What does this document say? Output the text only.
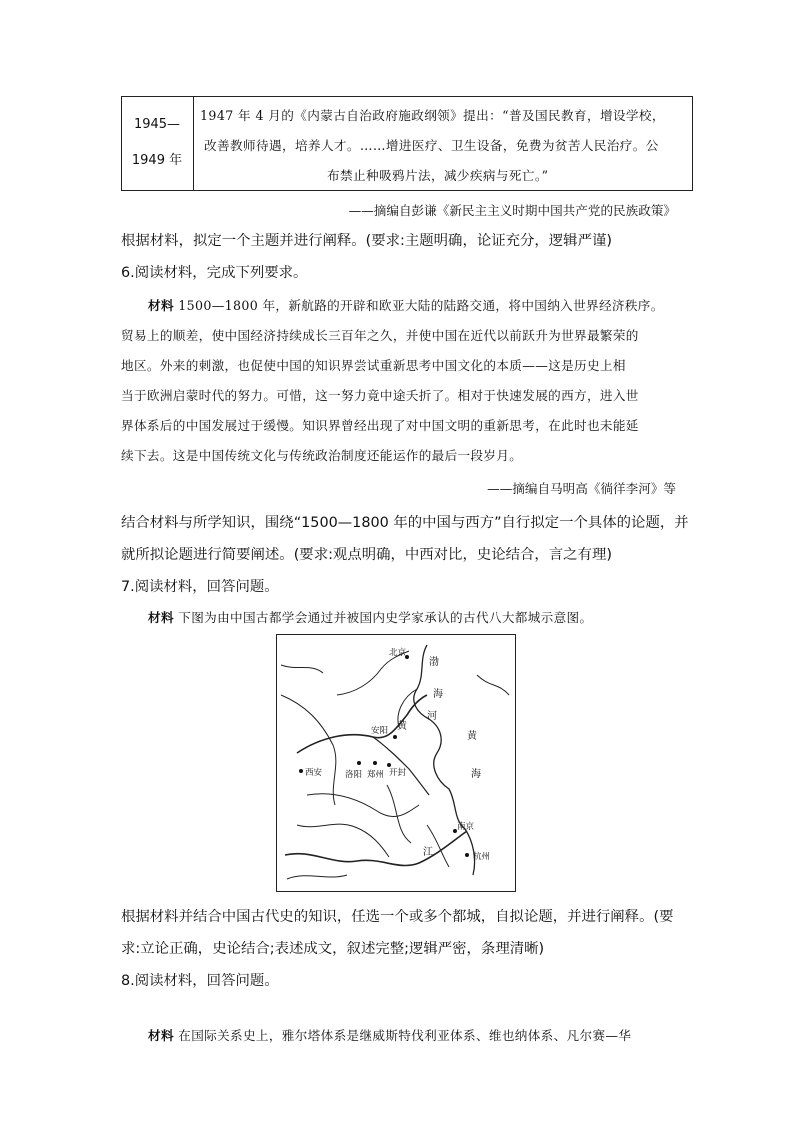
1945—
1949 年
1947 年 4 月的《内蒙古自治政府施政纲领》提出：“普及国民教育，增设学校，
改善教师待遇，培养人才。……增进医疗、卫生设备，免费为贫苦人民治疗。公
布禁止种吸鸦片法，减少疾病与死亡。”
——摘编自彭谦《新民主主义时期中国共产党的民族政策》
根据材料，拟定一个主题并进行阐释。(要求:主题明确，论证充分，逻辑严谨)
6.阅读材料，完成下列要求。
材料 1500—1800 年，新航路的开辟和欧亚大陆的陆路交通，将中国纳入世界经济秩序。
贸易上的顺差，使中国经济持续成长三百年之久，并使中国在近代以前跃升为世界最繁荣的
地区。外来的刺激，也促使中国的知识界尝试重新思考中国文化的本质——这是历史上相
当于欧洲启蒙时代的努力。可惜，这一努力竟中途夭折了。相对于快速发展的西方，进入世
界体系后的中国发展过于缓慢。知识界曾经出现了对中国文明的重新思考，在此时也未能延
续下去。这是中国传统文化与传统政治制度还能运作的最后一段岁月。
——摘编自马明高《徜徉李河》等
结合材料与所学知识，围绕“1500—1800 年的中国与西方”自行拟定一个具体的论题，并
就所拟论题进行简要阐述。(要求:观点明确，中西对比，史论结合，言之有理)
7.阅读材料，回答问题。
材料 下图为由中国古都学会通过并被国内史学家承认的古代八大都城示意图。
北京
渤
海
河
黄
黄
海
安阳
西安	洛阳 郑州 开封
南京
杭州
江
根据材料并结合中国古代史的知识，任选一个或多个都城，自拟论题，并进行阐释。(要
求:立论正确，史论结合;表述成文，叙述完整;逻辑严密，条理清晰)
8.阅读材料，回答问题。
材料 在国际关系史上，雅尔塔体系是继威斯特伐利亚体系、维也纳体系、凡尔赛—华
